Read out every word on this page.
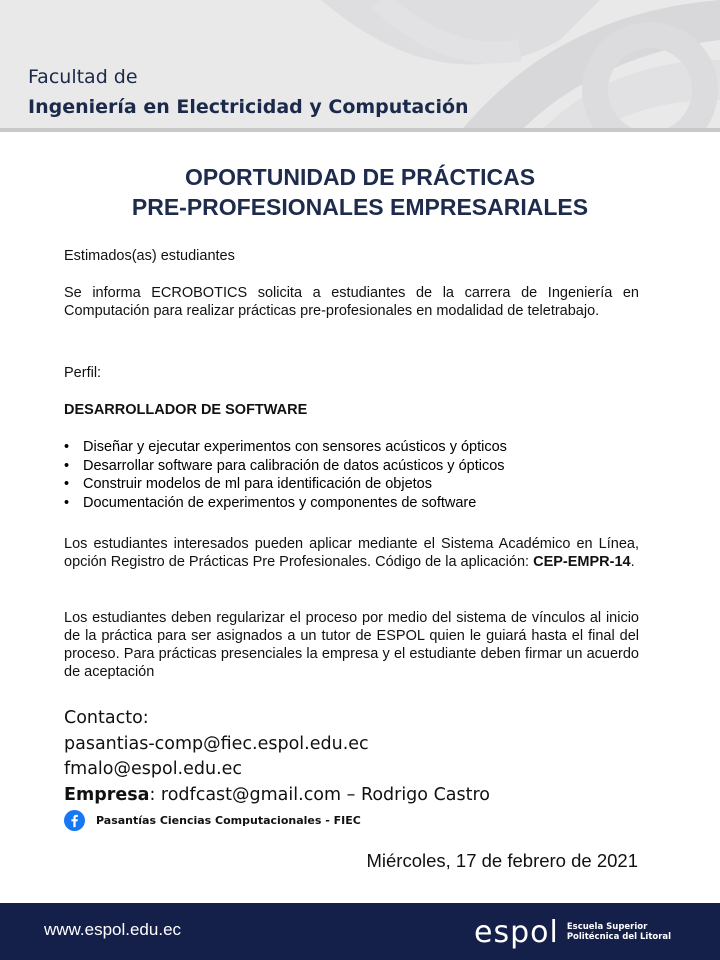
Facultad de
Ingeniería en Electricidad y Computación
OPORTUNIDAD DE PRÁCTICAS
PRE-PROFESIONALES EMPRESARIALES
Estimados(as) estudiantes
Se informa ECROBOTICS solicita a estudiantes de la carrera de Ingeniería en Computación para realizar prácticas pre-profesionales en modalidad de teletrabajo.
Perfil:
DESARROLLADOR DE SOFTWARE
• Diseñar y ejecutar experimentos con sensores acústicos y ópticos
• Desarrollar software para calibración de datos acústicos y ópticos
• Construir modelos de ml para identificación de objetos
• Documentación de experimentos y componentes de software
Los estudiantes interesados pueden aplicar mediante el Sistema Académico en Línea, opción Registro de Prácticas Pre Profesionales. Código de la aplicación: CEP-EMPR-14.
Los estudiantes deben regularizar el proceso por medio del sistema de vínculos al inicio de la práctica para ser asignados a un tutor de ESPOL quien le guiará hasta el final del proceso. Para prácticas presenciales la empresa y el estudiante deben firmar un acuerdo de aceptación
Contacto:
pasantias-comp@fiec.espol.edu.ec
fmalo@espol.edu.ec
Empresa: rodfcast@gmail.com – Rodrigo Castro
Pasantías Ciencias Computacionales - FIEC
Miércoles, 17 de febrero de 2021
www.espol.edu.ec	espol Escuela Superior
Politécnica del Litoral
